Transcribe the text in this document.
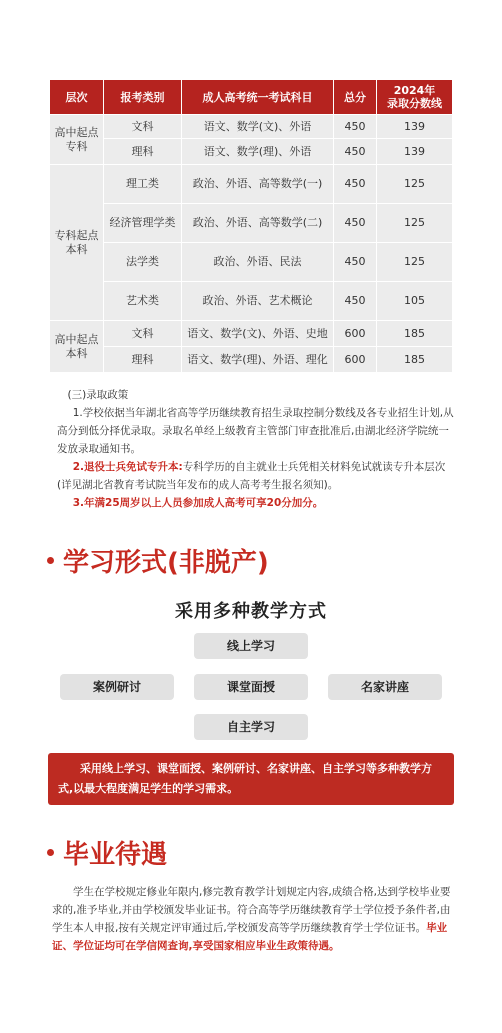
层次	报考类别	成人高考统一考试科目	总分	2024年
录取分数线
高中起点专科	文科	语文、数学(文)、外语	450	139
	理科	语文、数学(理)、外语	450	139
专科起点本科	理工类	政治、外语、高等数学(一)	450	125
	经济管理学类	政治、外语、高等数学(二)	450	125
	法学类	政治、外语、民法	450	125
	艺术类	政治、外语、艺术概论	450	105
高中起点本科	文科	语文、数学(文)、外语、史地	600	185
	理科	语文、数学(理)、外语、理化	600	185

(三)录取政策

1.学校依据当年湖北省高等学历继续教育招生录取控制分数线及各专业招生计划,从高分到低分择优录取。录取名单经上级教育主管部门审查批准后,由湖北经济学院统一发放录取通知书。

2.退役士兵免试专升本:专科学历的自主就业士兵凭相关材料免试就读专升本层次(详见湖北省教育考试院当年发布的成人高考考生报名须知)。

3.年满25周岁以上人员参加成人高考可享20分加分。

学习形式(非脱产)
采用多种教学方式
线上学习
案例研讨	课堂面授	名家讲座
自主学习
采用线上学习、课堂面授、案例研讨、名家讲座、自主学习等多种教学方式,以最大程度满足学生的学习需求。
毕业待遇

学生在学校规定修业年限内,修完教育教学计划规定内容,成绩合格,达到学校毕业要求的,准予毕业,并由学校颁发毕业证书。符合高等学历继续教育学士学位授予条件者,由学生本人申报,按有关规定评审通过后,学校颁发高等学历继续教育学士学位证书。毕业证、学位证均可在学信网查询,享受国家相应毕业生政策待遇。
